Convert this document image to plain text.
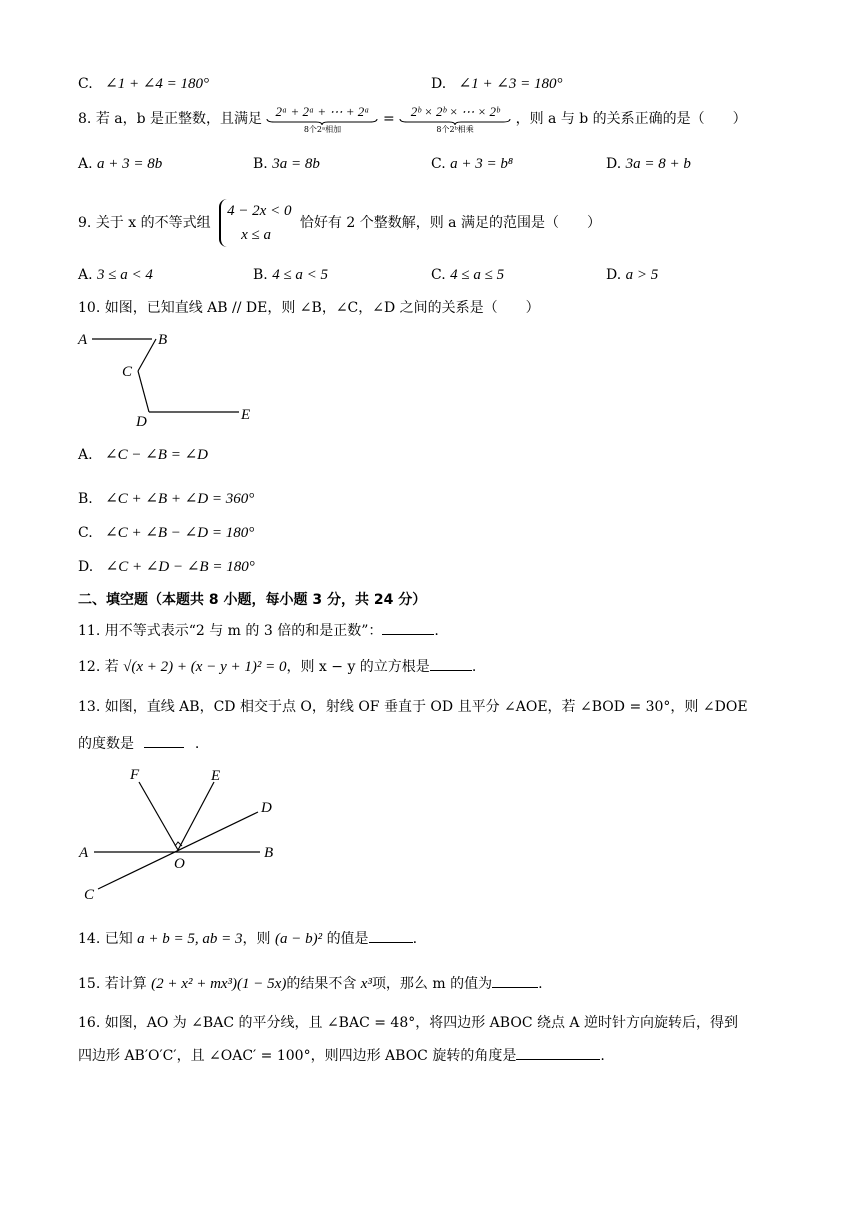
C. ∠1 + ∠4 = 180°	D. ∠1 + ∠3 = 180°
8. 若 a，b 是正整数，且满足	2ᵃ + 2ᵃ + ⋯ + 2ᵃ
8个2ᵃ相加
=	2ᵇ × 2ᵇ × ⋯ × 2ᵇ
8个2ᵇ相乘
，则 a 与 b 的关系正确的是（　　）
A. a + 3 = 8b	B. 3a = 8b	C. a + 3 = b⁸	D. 3a = 8 + b
9. 关于 x 的不等式组
4 − 2x < 0
x ≤ a
恰好有 2 个整数解，则 a 满足的范围是（　　）
A. 3 ≤ a < 4	B. 4 ≤ a < 5	C. 4 ≤ a ≤ 5	D. a > 5
10. 如图，已知直线 AB // DE，则 ∠B，∠C，∠D 之间的关系是（　　）
A	B
C
D	E
A. ∠C − ∠B = ∠D
B. ∠C + ∠B + ∠D = 360°
C. ∠C + ∠B − ∠D = 180°
D. ∠C + ∠D − ∠B = 180°
二、填空题（本题共 8 小题，每小题 3 分，共 24 分）
11. 用不等式表示“2 与 m 的 3 倍的和是正数”：	.
12. 若 √(x + 2) + (x − y + 1)² = 0，则 x − y 的立方根是	.
13. 如图，直线 AB，CD 相交于点 O，射线 OF 垂直于 OD 且平分 ∠AOE，若 ∠BOD = 30°，则 ∠DOE
的度数是	.
F	E
D
A
O
B
C
14. 已知 a + b = 5, ab = 3，则 (a − b)² 的值是	.
15. 若计算 (2 + x² + mx³)(1 − 5x)的结果不含 x³项，那么 m 的值为	.
16. 如图，AO 为 ∠BAC 的平分线，且 ∠BAC = 48°，将四边形 ABOC 绕点 A 逆时针方向旋转后，得到
四边形 AB′O′C′，且 ∠OAC′ = 100°，则四边形 ABOC 旋转的角度是	.
